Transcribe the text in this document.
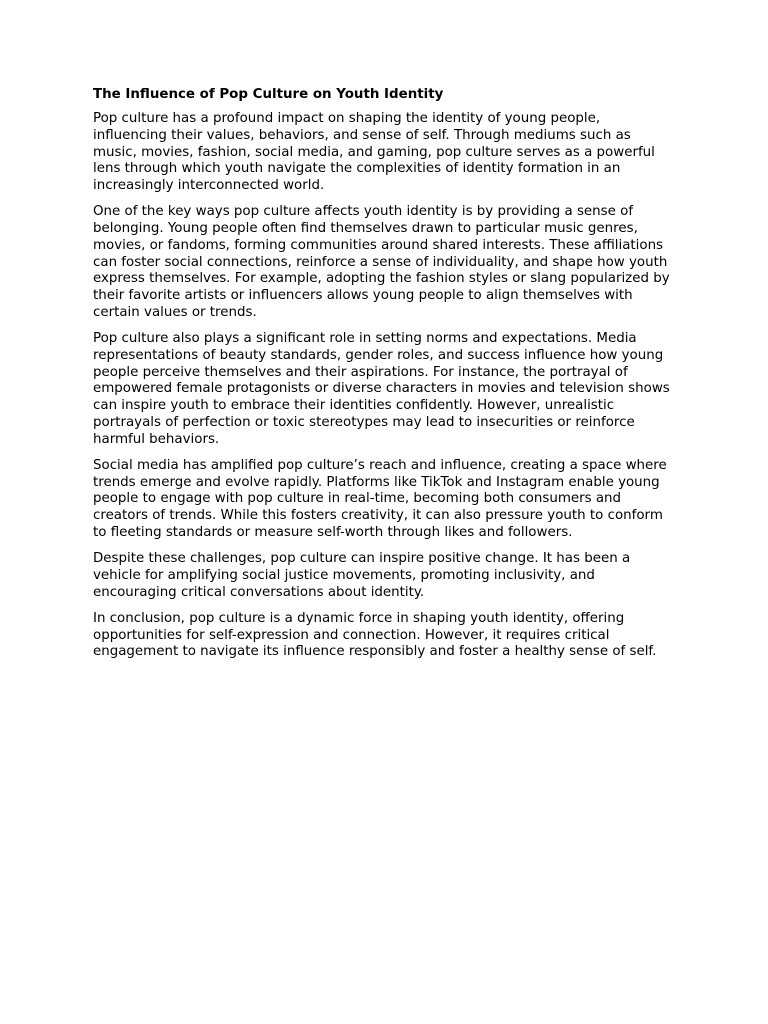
The Influence of Pop Culture on Youth Identity

Pop culture has a profound impact on shaping the identity of young people, influencing their values, behaviors, and sense of self. Through mediums such as music, movies, fashion, social media, and gaming, pop culture serves as a powerful lens through which youth navigate the complexities of identity formation in an increasingly interconnected world.

One of the key ways pop culture affects youth identity is by providing a sense of belonging. Young people often find themselves drawn to particular music genres, movies, or fandoms, forming communities around shared interests. These affiliations can foster social connections, reinforce a sense of individuality, and shape how youth express themselves. For example, adopting the fashion styles or slang popularized by their favorite artists or influencers allows young people to align themselves with certain values or trends.

Pop culture also plays a significant role in setting norms and expectations. Media representations of beauty standards, gender roles, and success influence how young people perceive themselves and their aspirations. For instance, the portrayal of empowered female protagonists or diverse characters in movies and television shows can inspire youth to embrace their identities confidently. However, unrealistic portrayals of perfection or toxic stereotypes may lead to insecurities or reinforce harmful behaviors.

Social media has amplified pop culture’s reach and influence, creating a space where trends emerge and evolve rapidly. Platforms like TikTok and Instagram enable young people to engage with pop culture in real-time, becoming both consumers and creators of trends. While this fosters creativity, it can also pressure youth to conform to fleeting standards or measure self-worth through likes and followers.

Despite these challenges, pop culture can inspire positive change. It has been a vehicle for amplifying social justice movements, promoting inclusivity, and encouraging critical conversations about identity.

In conclusion, pop culture is a dynamic force in shaping youth identity, offering opportunities for self-expression and connection. However, it requires critical engagement to navigate its influence responsibly and foster a healthy sense of self.
